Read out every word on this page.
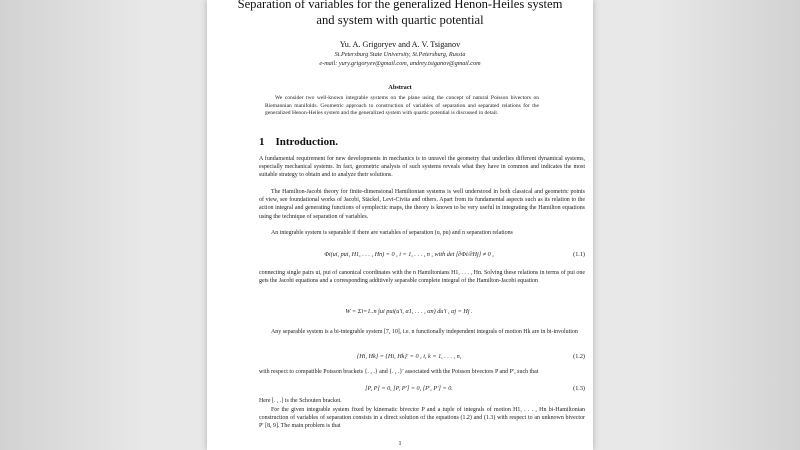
Separation of variables for the generalized Henon-Heiles system
and system with quartic potential
Yu. A. Grigoryev and A. V. Tsiganov
St.Petersburg State University, St.Petersburg, Russia
e-mail: yury.grigoryev@gmail.com, andrey.tsiganov@gmail.com
Abstract
We consider two well-known integrable systems on the plane using the concept of natural Poisson bivectors on Riemannian manifolds. Geometric approach to construction of variables of separation and separated relations for the generalized Henon-Heiles system and the generalized system with quartic potential is discussed in detail.
1 Introduction.
A fundamental requirement for new developments in mechanics is to unravel the geometry that underlies different dynamical systems, especially mechanical systems. In fact, geometric analysis of such systems reveals what they have in common and indicates the most suitable strategy to obtain and to analyze their solutions.
The Hamilton-Jacobi theory for finite-dimensional Hamiltonian systems is well understood in both classical and geometric points of view, see foundational works of Jacobi, Stäckel, Levi-Civita and others. Apart from its fundamental aspects such as its relation to the action integral and generating functions of symplectic maps, the theory is known to be very useful in integrating the Hamilton equations using the technique of separation of variables.
An integrable system is separable if there are variables of separation (u, pu) and n separation relations
Φi(ui, pui, H1, . . . , Hn) = 0 , i = 1, . . . , n , with det [∂Φi/∂Hj] ≠ 0 ,	(1.1)
connecting single pairs ui, pui of canonical coordinates with the n Hamiltonians H1, . . . , Hn. Solving these relations in terms of pui one gets the Jacobi equations and a corresponding additively separable complete integral of the Hamilton-Jacobi equation
W = Σi=1..n ∫ui pui(u′i, α1, . . . , αn) du′i , αj = Hj .
Any separable system is a bi-integrable system [7, 10], i.e. n functionally independent integrals of motion Hk are in bi-involution
{Hi, Hk} = {Hi, Hk}′ = 0 , i, k = 1, . . . , n,	(1.2)
with respect to compatible Poisson brackets {. , .} and {. , .}′ associated with the Poisson bivectors P and P′, such that
[P, P] = 0, [P, P′] = 0, [P′, P′] = 0.	(1.3)
Here [. , .] is the Schouten bracket.
For the given integrable system fixed by kinematic bivector P and a tuple of integrals of motion H1, . . . , Hn bi-Hamiltonian construction of variables of separation consists in a direct solution of the equations (1.2) and (1.3) with respect to an unknown bivector P′ [8, 9]. The main problem is that
1
